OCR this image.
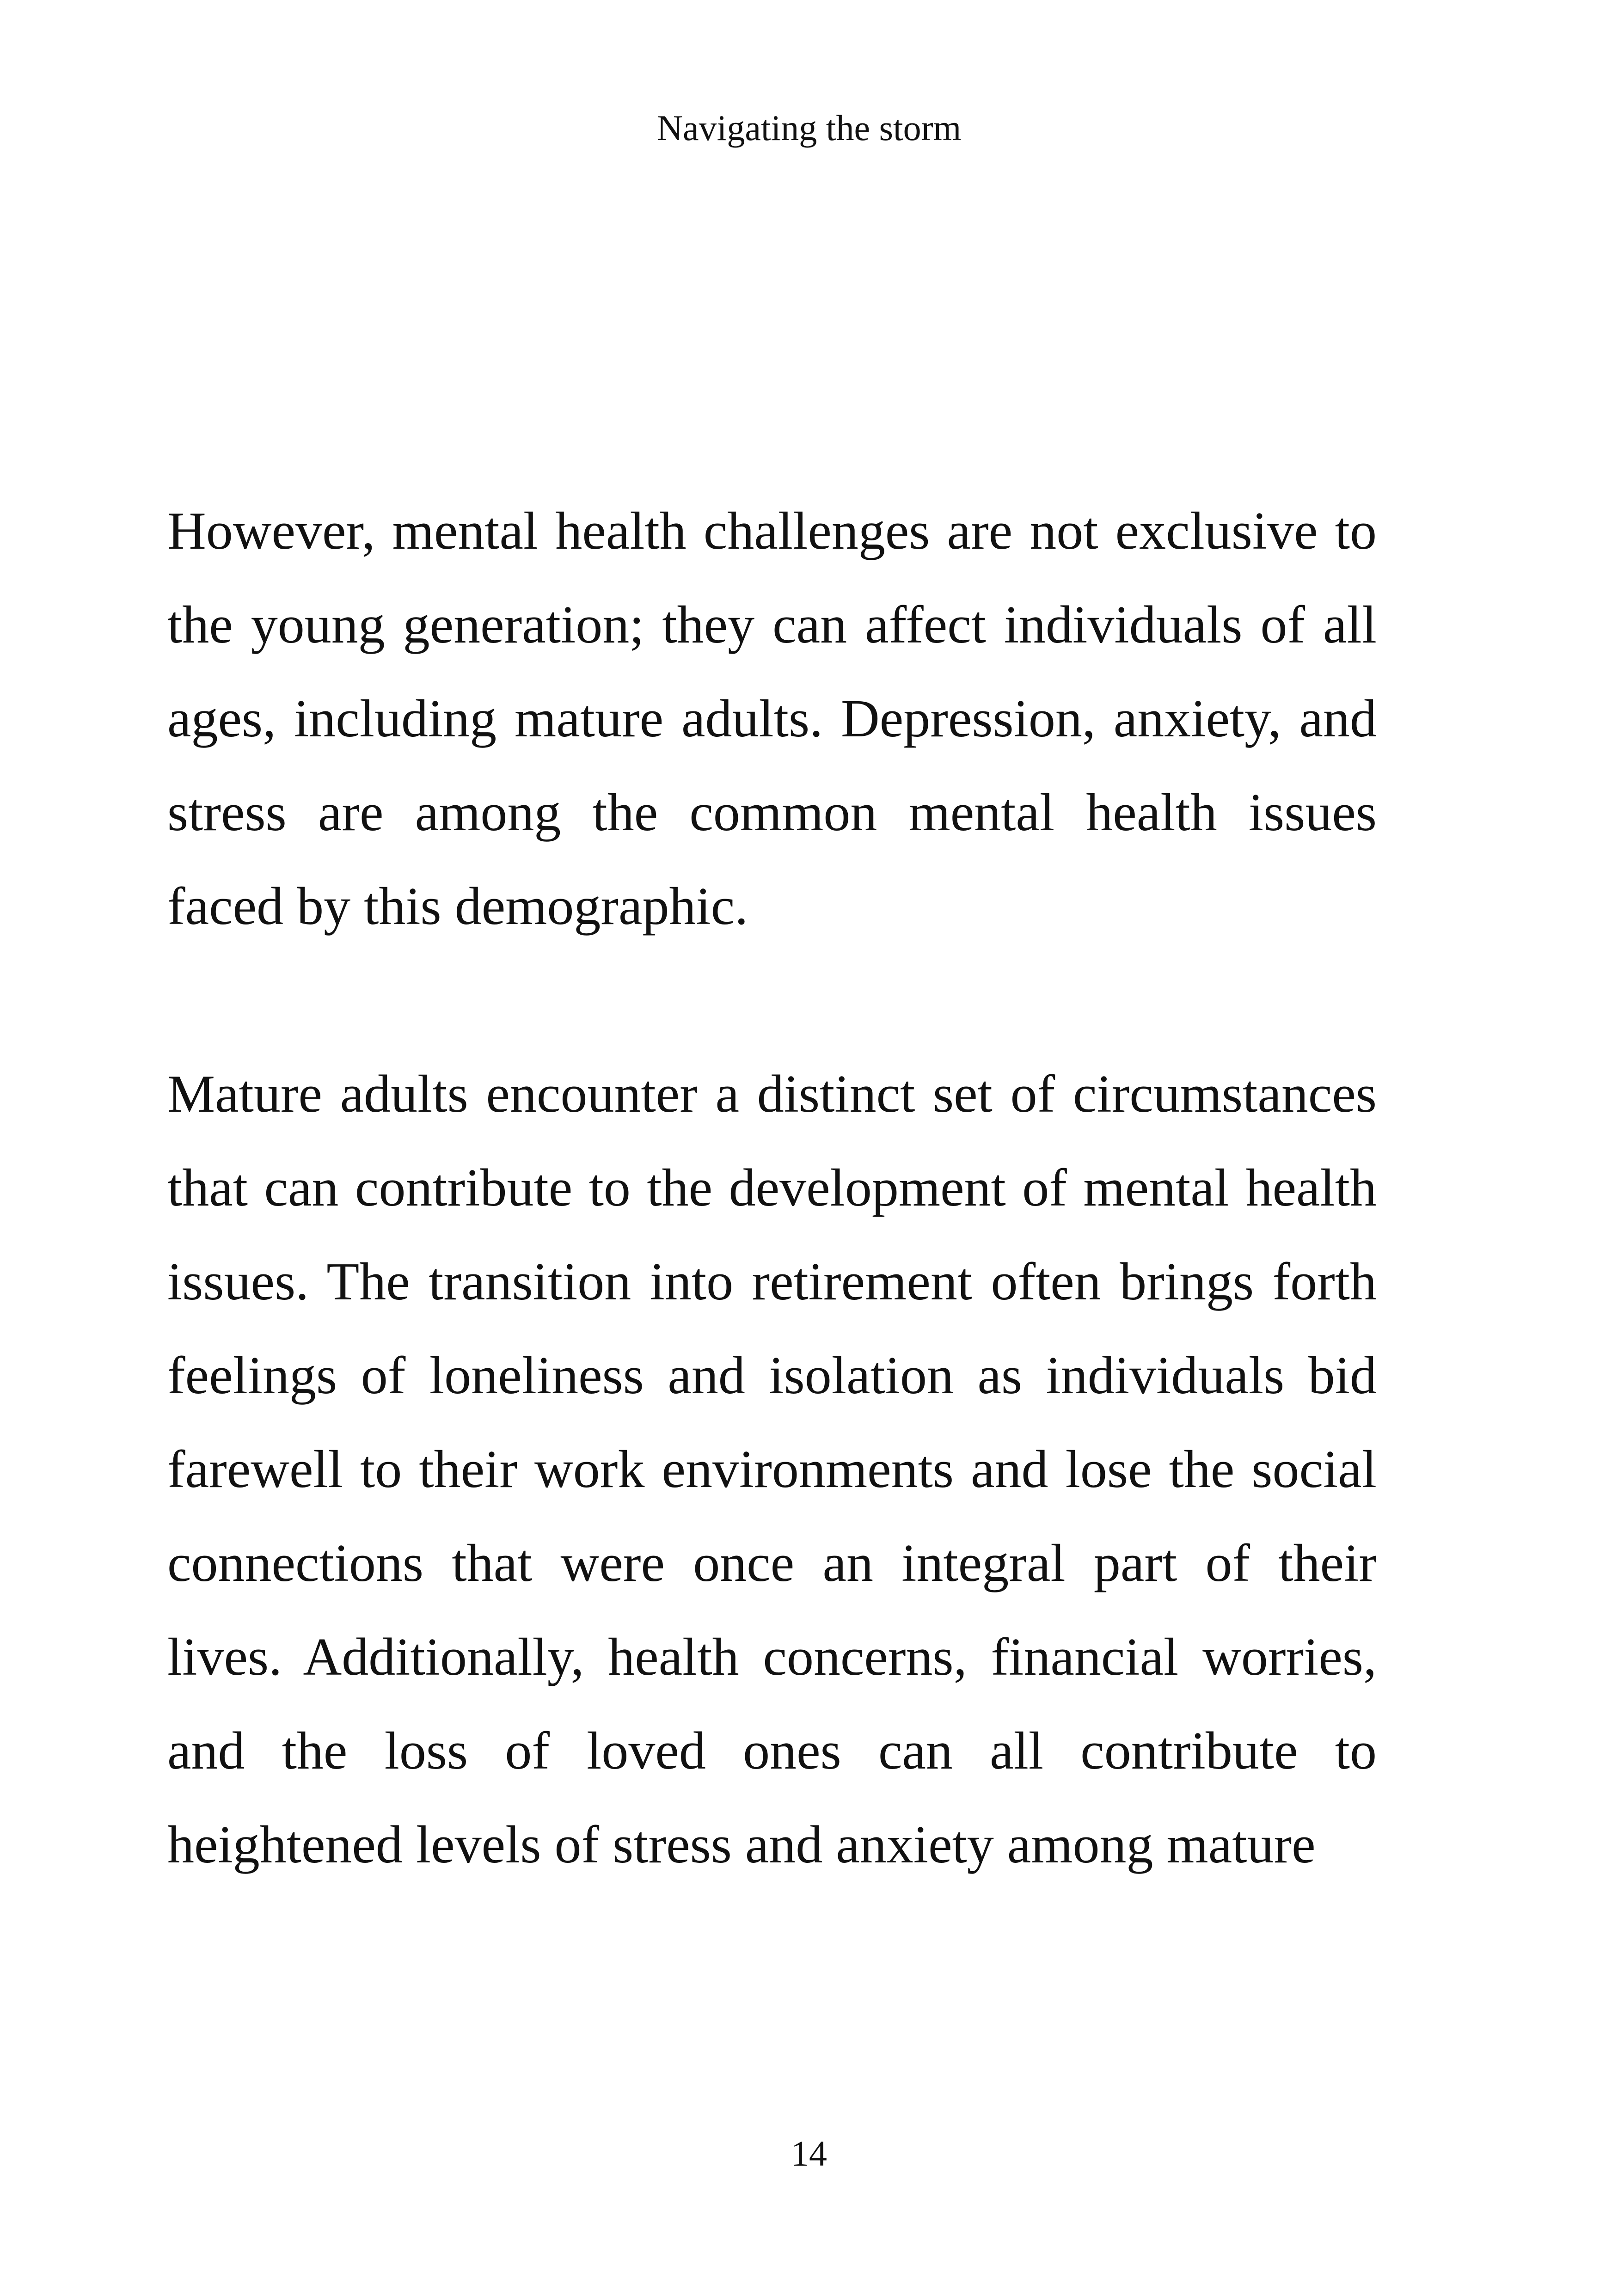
Navigating the storm

However, mental health challenges are not exclusive to the young generation; they can affect individuals of all ages, including mature adults. Depression, anxiety, and stress are among the common mental health issues faced by this demographic.

Mature adults encounter a distinct set of circumstances that can contribute to the development of mental health issues. The transition into retirement often brings forth feelings of loneliness and isolation as individuals bid farewell to their work environments and lose the social connections that were once an integral part of their lives. Additionally, health concerns, financial worries, and the loss of loved ones can all contribute to heightened levels of stress and anxiety among mature

14
